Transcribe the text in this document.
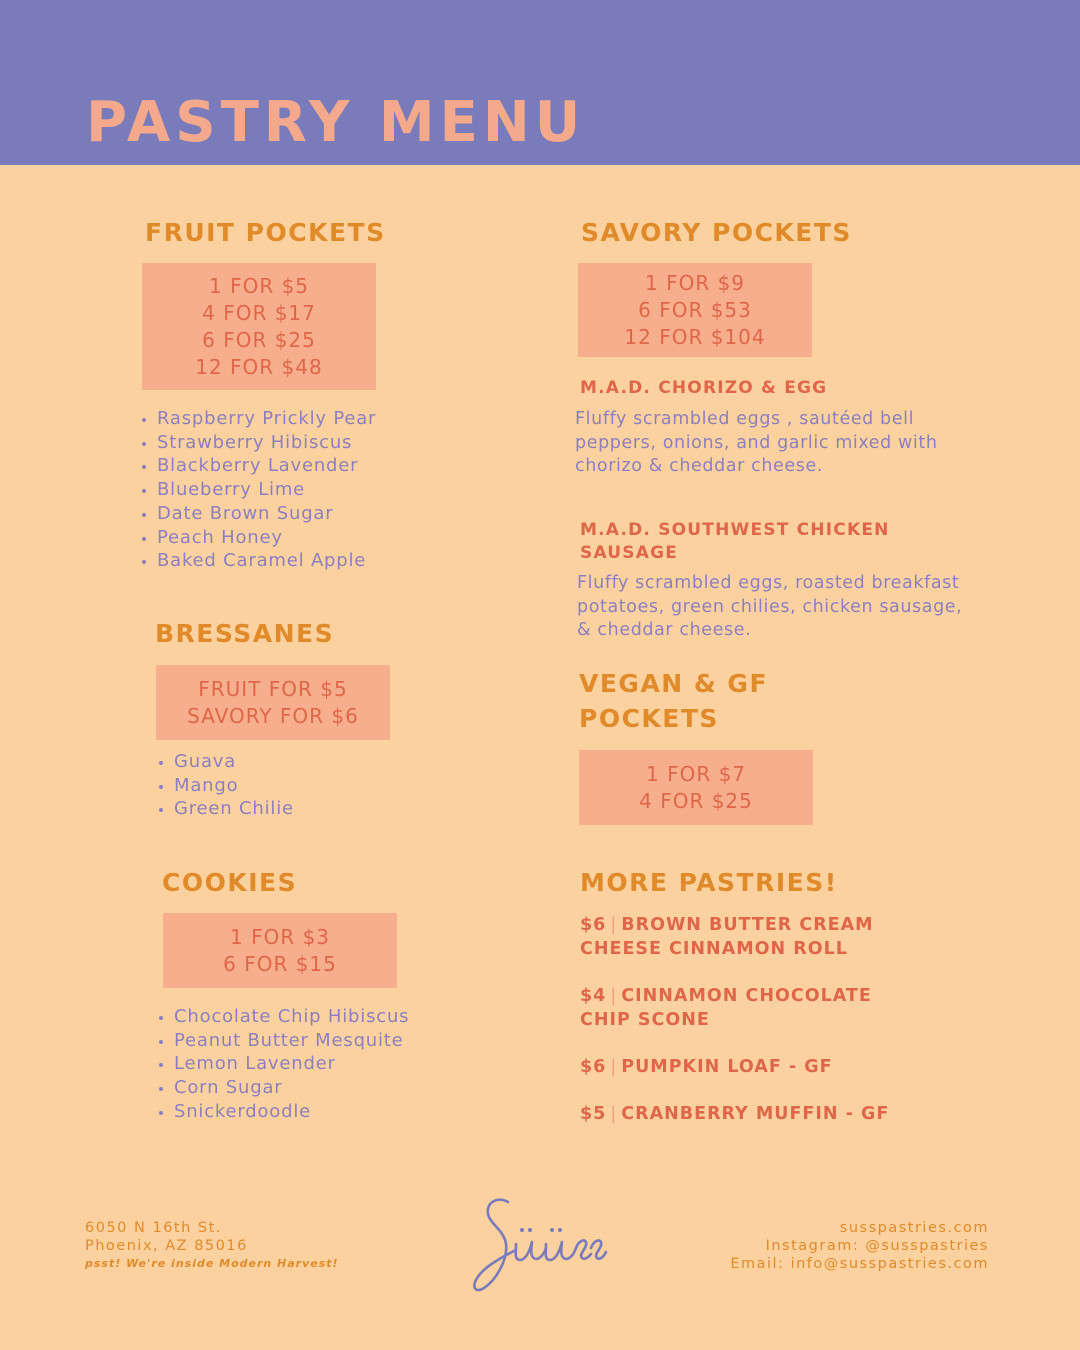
PASTRY MENU
FRUIT POCKETS
1 FOR $5
4 FOR $17
6 FOR $25
12 FOR $48
Raspberry Prickly Pear
Strawberry Hibiscus
Blackberry Lavender
Blueberry Lime
Date Brown Sugar
Peach Honey
Baked Caramel Apple
BRESSANES
FRUIT FOR $5
SAVORY FOR $6
Guava
Mango
Green Chilie
COOKIES
1 FOR $3
6 FOR $15
Chocolate Chip Hibiscus
Peanut Butter Mesquite
Lemon Lavender
Corn Sugar
Snickerdoodle
SAVORY POCKETS
1 FOR $9
6 FOR $53
12 FOR $104
M.A.D. CHORIZO & EGG

Fluffy scrambled eggs , sautéed bell peppers, onions, and garlic mixed with chorizo & cheddar cheese.

M.A.D. SOUTHWEST CHICKEN SAUSAGE

Fluffy scrambled eggs, roasted breakfast potatoes, green chilies, chicken sausage, & cheddar cheese.

VEGAN & GF
POCKETS
1 FOR $7
4 FOR $25
MORE PASTRIES!
$6 | BROWN BUTTER CREAM
CHEESE CINNAMON ROLL
$4 | CINNAMON CHOCOLATE
CHIP SCONE
$6 | PUMPKIN LOAF - GF
$5 | CRANBERRY MUFFIN - GF
6050 N 16th St.
Phoenix, AZ 85016
psst! We're inside Modern Harvest!
susspastries.com
Instagram: @susspastries
Email: info@susspastries.com
